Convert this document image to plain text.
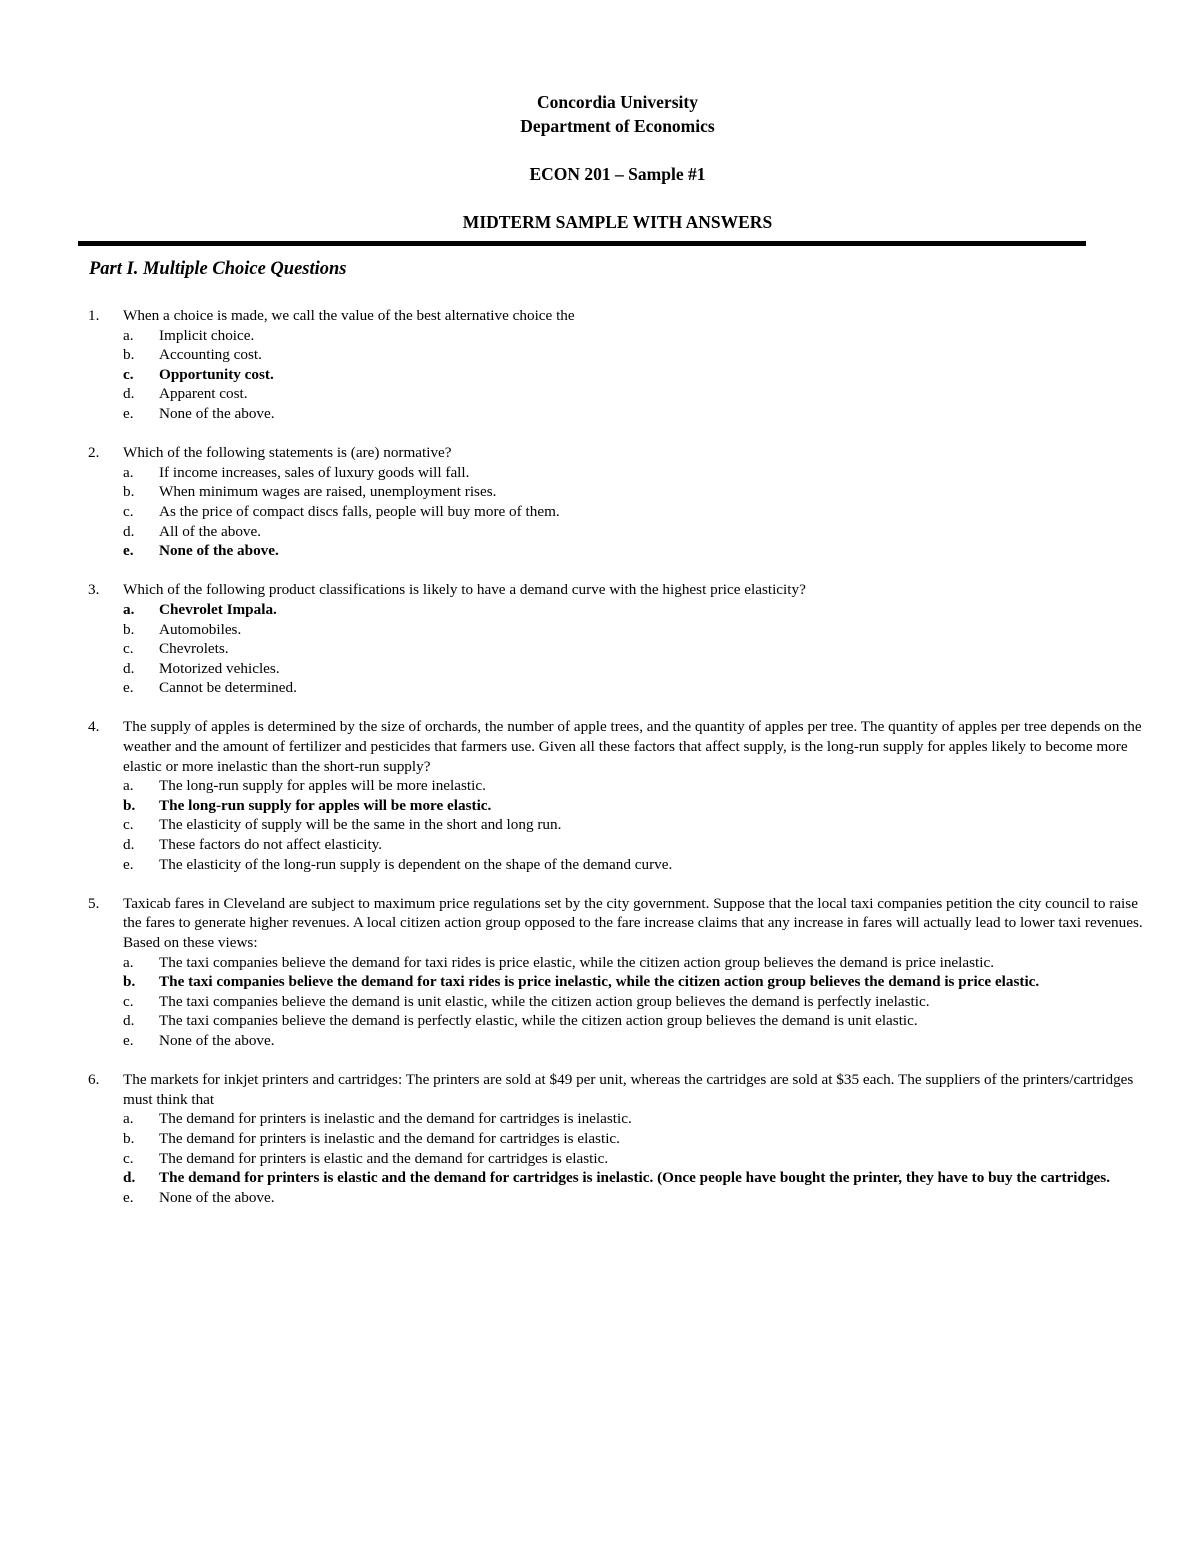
Concordia University
Department of Economics
ECON 201 – Sample #1
MIDTERM SAMPLE WITH ANSWERS
Part I. Multiple Choice Questions
1.	When a choice is made, we call the value of the best alternative choice the
a.	Implicit choice.
b.	Accounting cost.
c.	Opportunity cost.
d.	Apparent cost.
e.	None of the above.
2.	Which of the following statements is (are) normative?
a.	If income increases, sales of luxury goods will fall.
b.	When minimum wages are raised, unemployment rises.
c.	As the price of compact discs falls, people will buy more of them.
d.	All of the above.
e.	None of the above.
3.	Which of the following product classifications is likely to have a demand curve with the highest price elasticity?
a.	Chevrolet Impala.
b.	Automobiles.
c.	Chevrolets.
d.	Motorized vehicles.
e.	Cannot be determined.
4.	The supply of apples is determined by the size of orchards, the number of apple trees, and the quantity of apples per tree. The quantity of apples per tree depends on the weather and the amount of fertilizer and pesticides that farmers use. Given all these factors that affect supply, is the long-run supply for apples likely to become more elastic or more inelastic than the short-run supply?
a.	The long-run supply for apples will be more inelastic.
b.	The long-run supply for apples will be more elastic.
c.	The elasticity of supply will be the same in the short and long run.
d.	These factors do not affect elasticity.
e.	The elasticity of the long-run supply is dependent on the shape of the demand curve.
5.	Taxicab fares in Cleveland are subject to maximum price regulations set by the city government. Suppose that the local taxi companies petition the city council to raise the fares to generate higher revenues. A local citizen action group opposed to the fare increase claims that any increase in fares will actually lead to lower taxi revenues. Based on these views:
a.	The taxi companies believe the demand for taxi rides is price elastic, while the citizen action group believes the demand is price inelastic.
b.	The taxi companies believe the demand for taxi rides is price inelastic, while the citizen action group believes the demand is price elastic.
c.	The taxi companies believe the demand is unit elastic, while the citizen action group believes the demand is perfectly inelastic.
d.	The taxi companies believe the demand is perfectly elastic, while the citizen action group believes the demand is unit elastic.
e.	None of the above.
6.	The markets for inkjet printers and cartridges: The printers are sold at $49 per unit, whereas the cartridges are sold at $35 each. The suppliers of the printers/cartridges must think that
a.	The demand for printers is inelastic and the demand for cartridges is inelastic.
b.	The demand for printers is inelastic and the demand for cartridges is elastic.
c.	The demand for printers is elastic and the demand for cartridges is elastic.
d.	The demand for printers is elastic and the demand for cartridges is inelastic. (Once people have bought the printer, they have to buy the cartridges.
e.	None of the above.
